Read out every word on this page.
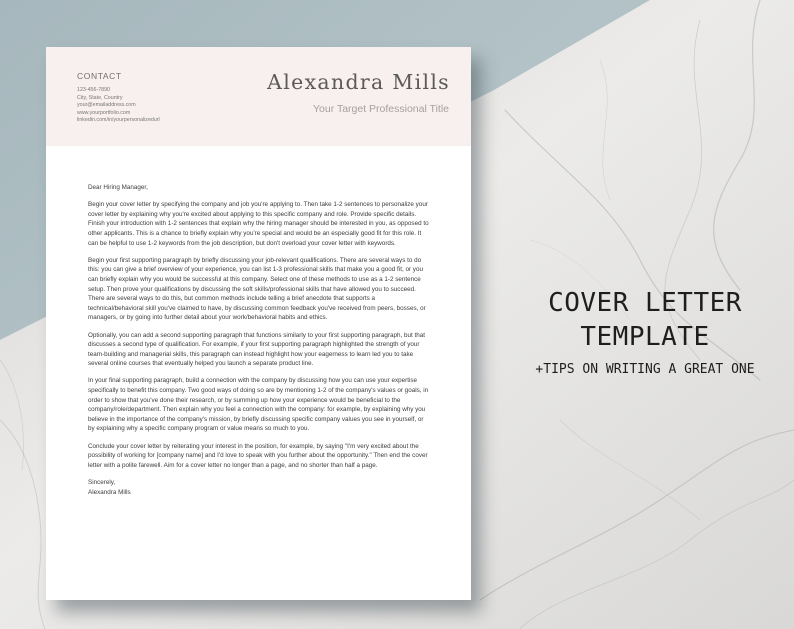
CONTACT
123-456-7890
City, State, Country
your@emailaddress.com
www.yourportfolio.com
linkedin.com/in/yourpersonalizedurl
Alexandra Mills
Your Target Professional Title

Dear Hiring Manager,

Begin your cover letter by specifying the company and job you're applying to. Then take 1-2 sentences to personalize your cover letter by explaining why you're excited about applying to this specific company and role. Provide specific details. Finish your introduction with 1-2 sentences that explain why the hiring manager should be interested in you, as opposed to other applicants. This is a chance to briefly explain why you're special and would be an especially good fit for this role. It can be helpful to use 1-2 keywords from the job description, but don't overload your cover letter with keywords.

Begin your first supporting paragraph by briefly discussing your job-relevant qualifications. There are several ways to do this: you can give a brief overview of your experience, you can list 1-3 professional skills that make you a good fit, or you can briefly explain why you would be successful at this company. Select one of these methods to use as a 1-2 sentence setup. Then prove your qualifications by discussing the soft skills/professional skills that have allowed you to succeed. There are several ways to do this, but common methods include telling a brief anecdote that supports a technical/behavioral skill you've claimed to have, by discussing common feedback you've received from peers, bosses, or managers, or by going into further detail about your work/behavioral habits and ethics.

Optionally, you can add a second supporting paragraph that functions similarly to your first supporting paragraph, but that discusses a second type of qualification. For example, if your first supporting paragraph highlighted the strength of your team-building and managerial skills, this paragraph can instead highlight how your eagerness to learn led you to take several online courses that eventually helped you launch a separate product line.

In your final supporting paragraph, build a connection with the company by discussing how you can use your expertise specifically to benefit this company. Two good ways of doing so are by mentioning 1-2 of the company's values or goals, in order to show that you've done their research, or by summing up how your experience would be beneficial to the company/role/department. Then explain why you feel a connection with the company: for example, by explaining why you believe in the importance of the company's mission, by briefly discussing specific company values you see in yourself, or by explaining why a specific company program or value means so much to you.

Conclude your cover letter by reiterating your interest in the position, for example, by saying "I'm very excited about the possibility of working for [company name] and I'd love to speak with you further about the opportunity." Then end the cover letter with a polite farewell. Aim for a cover letter no longer than a page, and no shorter than half a page.

Sincerely,
Alexandra Mills

COVER LETTER
TEMPLATE
+TIPS ON WRITING A GREAT ONE
